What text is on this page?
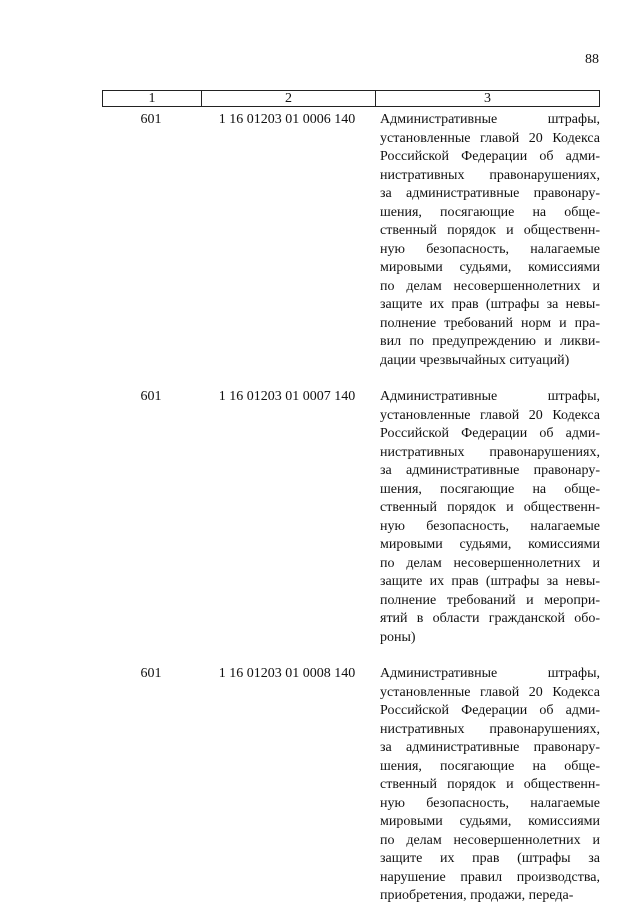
88
1	2	3
601	1 16 01203 01 0006 140	Административные штрафы,
установленные главой 20 Кодекса
Российской Федерации об адми-
нистративных правонарушениях,
за административные правонару-
шения, посягающие на обще-
ственный порядок и общественн-
ную безопасность, налагаемые
мировыми судьями, комиссиями
по делам несовершеннолетних и
защите их прав (штрафы за невы-
полнение требований норм и пра-
вил по предупреждению и ликви-
дации чрезвычайных ситуаций)
601	1 16 01203 01 0007 140	Административные штрафы,
установленные главой 20 Кодекса
Российской Федерации об адми-
нистративных правонарушениях,
за административные правонару-
шения, посягающие на обще-
ственный порядок и общественн-
ную безопасность, налагаемые
мировыми судьями, комиссиями
по делам несовершеннолетних и
защите их прав (штрафы за невы-
полнение требований и меропри-
ятий в области гражданской обо-
роны)
601	1 16 01203 01 0008 140	Административные штрафы,
установленные главой 20 Кодекса
Российской Федерации об адми-
нистративных правонарушениях,
за административные правонару-
шения, посягающие на обще-
ственный порядок и общественн-
ную безопасность, налагаемые
мировыми судьями, комиссиями
по делам несовершеннолетних и
защите их прав (штрафы за
нарушение правил производства,
приобретения, продажи, переда-
